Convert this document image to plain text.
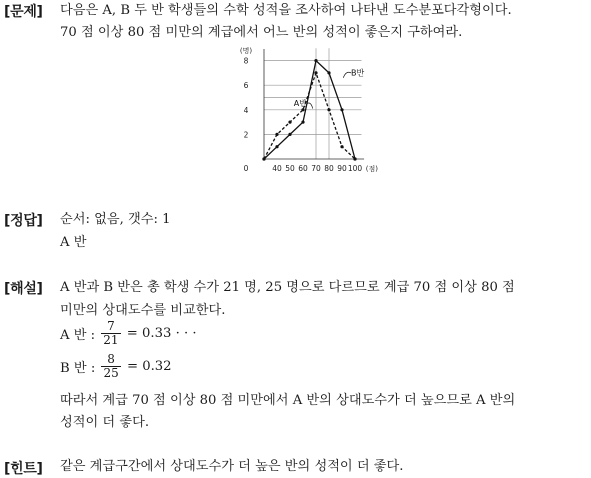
[문제] 다음은 A, B 두 반 학생들의 수학 성적을 조사하여 나타낸 도수분포다각형이다.
70 점 이상 80 점 미만의 계급에서 어느 반의 성적이 좋은지 구하여라.
40 50 60 70 80 90 100
2
4
6
8
0
(명)
(점)
A반
B반
[정답] 순서: 없음, 갯수: 1
A 반
[해설] A 반과 B 반은 총 학생 수가 21 명, 25 명으로 다르므로 계급 70 점 이상 80 점
미만의 상대도수를 비교한다.
A 반 : $\frac{7}{21} = 0.33$ · · ·
B 반 : $\frac{8}{25} = 0.32$
따라서 계급 70 점 이상 80 점 미만에서 A 반의 상대도수가 더 높으므로 A 반의
성적이 더 좋다.
[힌트] 같은 계급구간에서 상대도수가 더 높은 반의 성적이 더 좋다.
